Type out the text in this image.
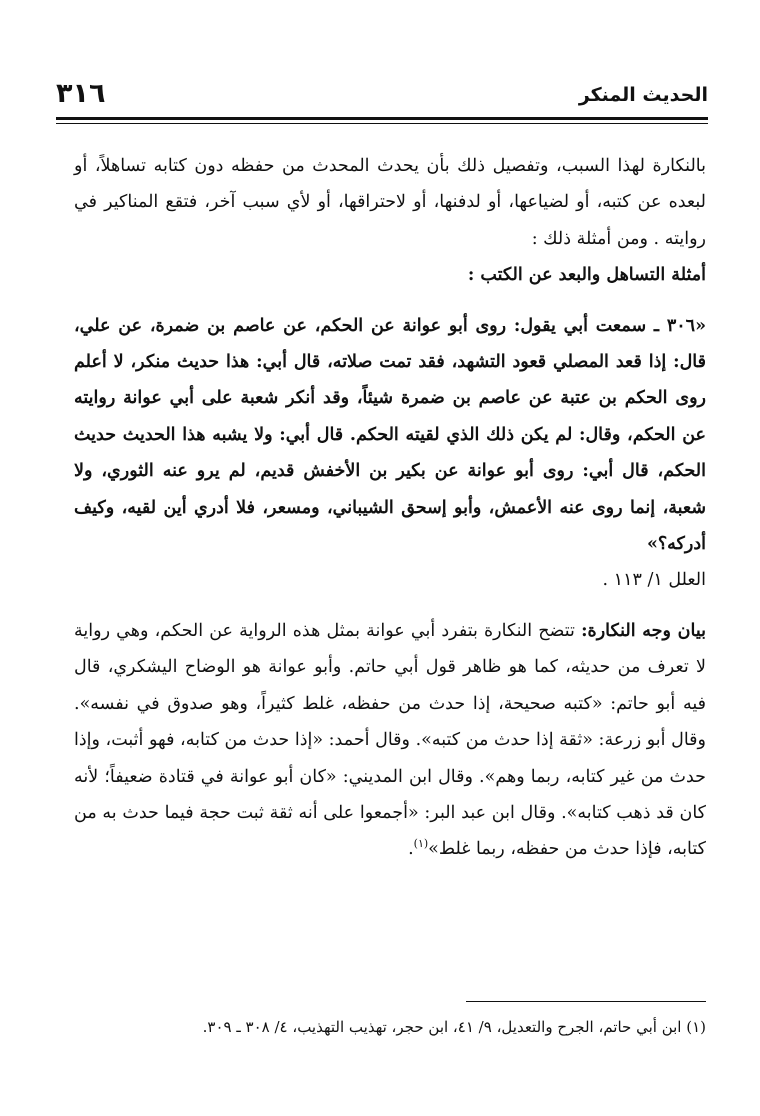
الحديث المنكر
٣١٦

بالنكارة لهذا السبب، وتفصيل ذلك بأن يحدث المحدث من حفظه دون كتابه تساهلاً، أو لبعده عن كتبه، أو لضياعها، أو لدفنها، أو لاحتراقها، أو لأي سبب آخر، فتقع المناكير في روايته . ومن أمثلة ذلك :

أمثلة التساهل والبعد عن الكتب :

«٣٠٦ ـ سمعت أبي يقول: روى أبو عوانة عن الحكم، عن عاصم بن ضمرة، عن علي، قال: إذا قعد المصلي قعود التشهد، فقد تمت صلاته، قال أبي: هذا حديث منكر، لا أعلم روى الحكم بن عتبة عن عاصم بن ضمرة شيئاً، وقد أنكر شعبة على أبي عوانة روايته عن الحكم، وقال: لم يكن ذلك الذي لقيته الحكم. قال أبي: ولا يشبه هذا الحديث حديث الحكم، قال أبي: روى أبو عوانة عن بكير بن الأخفش قديم، لم يرو عنه الثوري، ولا شعبة، إنما روى عنه الأعمش، وأبو إسحق الشيباني، ومسعر، فلا أدري أين لقيه، وكيف أدركه؟»

العلل ١/ ١١٣ .

بيان وجه النكارة: تتضح النكارة بتفرد أبي عوانة بمثل هذه الرواية عن الحكم، وهي رواية لا تعرف من حديثه، كما هو ظاهر قول أبي حاتم. وأبو عوانة هو الوضاح اليشكري، قال فيه أبو حاتم: «كتبه صحيحة، إذا حدث من حفظه، غلط كثيراً، وهو صدوق في نفسه». وقال أبو زرعة: «ثقة إذا حدث من كتبه». وقال أحمد: «إذا حدث من كتابه، فهو أثبت، وإذا حدث من غير كتابه، ربما وهم». وقال ابن المديني: «كان أبو عوانة في قتادة ضعيفاً؛ لأنه كان قد ذهب كتابه». وقال ابن عبد البر: «أجمعوا على أنه ثقة ثبت حجة فيما حدث به من كتابه، فإذا حدث من حفظه، ربما غلط»$^{(١)}$.

(١) ابن أبي حاتم، الجرح والتعديل، ٩/ ٤١، ابن حجر، تهذيب التهذيب، ٤/ ٣٠٨ ـ ٣٠٩.
